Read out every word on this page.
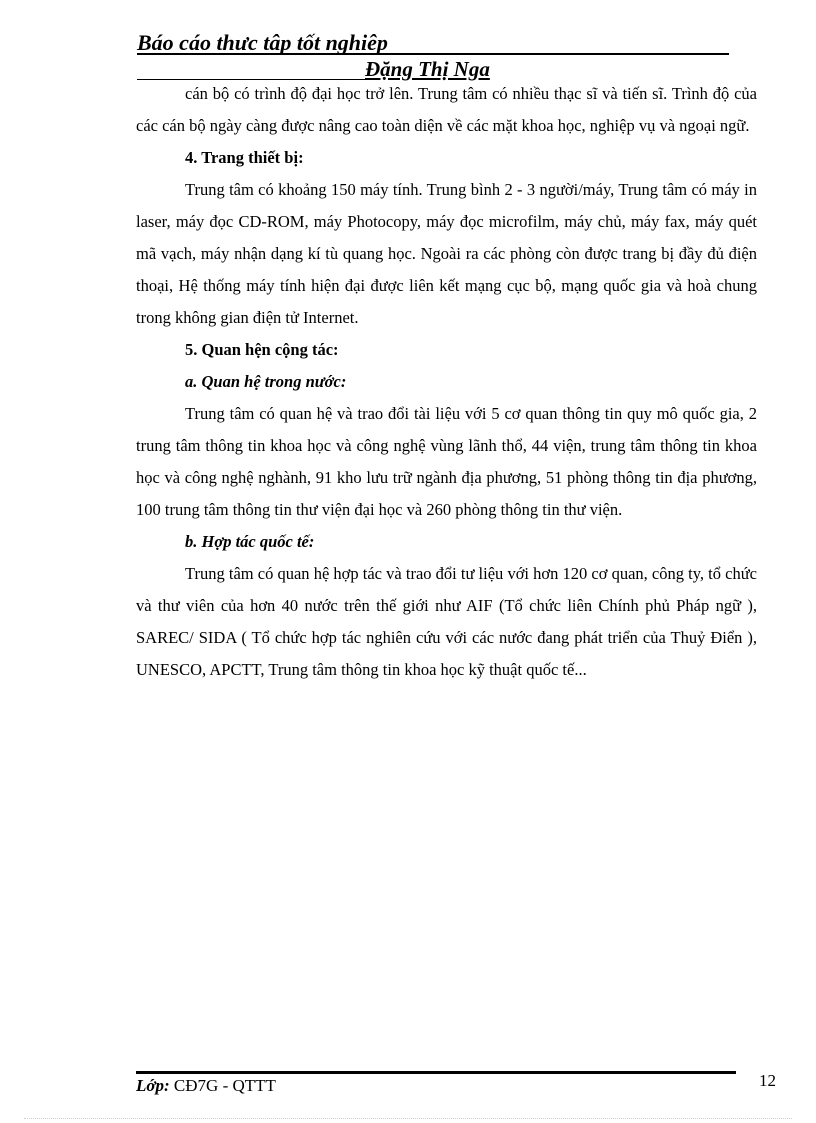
Báo cáo thưc tâp tốt nghiêp
Đặng Thị Nga

cán bộ có trình độ đại học trở lên. Trung tâm có nhiều thạc sĩ và tiến sĩ. Trình độ của các cán bộ ngày càng được nâng cao toàn diện về các mặt khoa học, nghiệp vụ và ngoại ngữ.

4. Trang thiết bị:

Trung tâm có khoảng 150 máy tính. Trung bình 2 - 3 người/máy, Trung tâm có máy in laser, máy đọc CD-ROM, máy Photocopy, máy đọc microfilm, máy chủ, máy fax, máy quét mã vạch, máy nhận dạng kí tù quang học. Ngoài ra các phòng còn được trang bị đầy đủ điện thoại, Hệ thống máy tính hiện đại được liên kết mạng cục bộ, mạng quốc gia và hoà chung trong không gian điện tử Internet.

5. Quan hện cộng tác:

a. Quan hệ trong nước:

Trung tâm có quan hệ và trao đổi tài liệu với 5 cơ quan thông tin quy mô quốc gia, 2 trung tâm thông tin khoa học và công nghệ vùng lãnh thổ, 44 viện, trung tâm thông tin khoa học và công nghệ nghành, 91 kho lưu trữ ngành địa phương, 51 phòng thông tin địa phương, 100 trung tâm thông tin thư viện đại học và 260 phòng thông tin thư viện.

b. Hợp tác quốc tế:

Trung tâm có quan hệ hợp tác và trao đổi tư liệu với hơn 120 cơ quan, công ty, tổ chức và thư viên của hơn 40 nước trên thế giới như AIF (Tổ chức liên Chính phủ Pháp ngữ ), SAREC/ SIDA ( Tổ chức hợp tác nghiên cứu với các nước đang phát triển của Thuỷ Điển ), UNESCO, APCTT, Trung tâm thông tin khoa học kỹ thuật quốc tế...

Lớp: CĐ7G - QTTT	12
